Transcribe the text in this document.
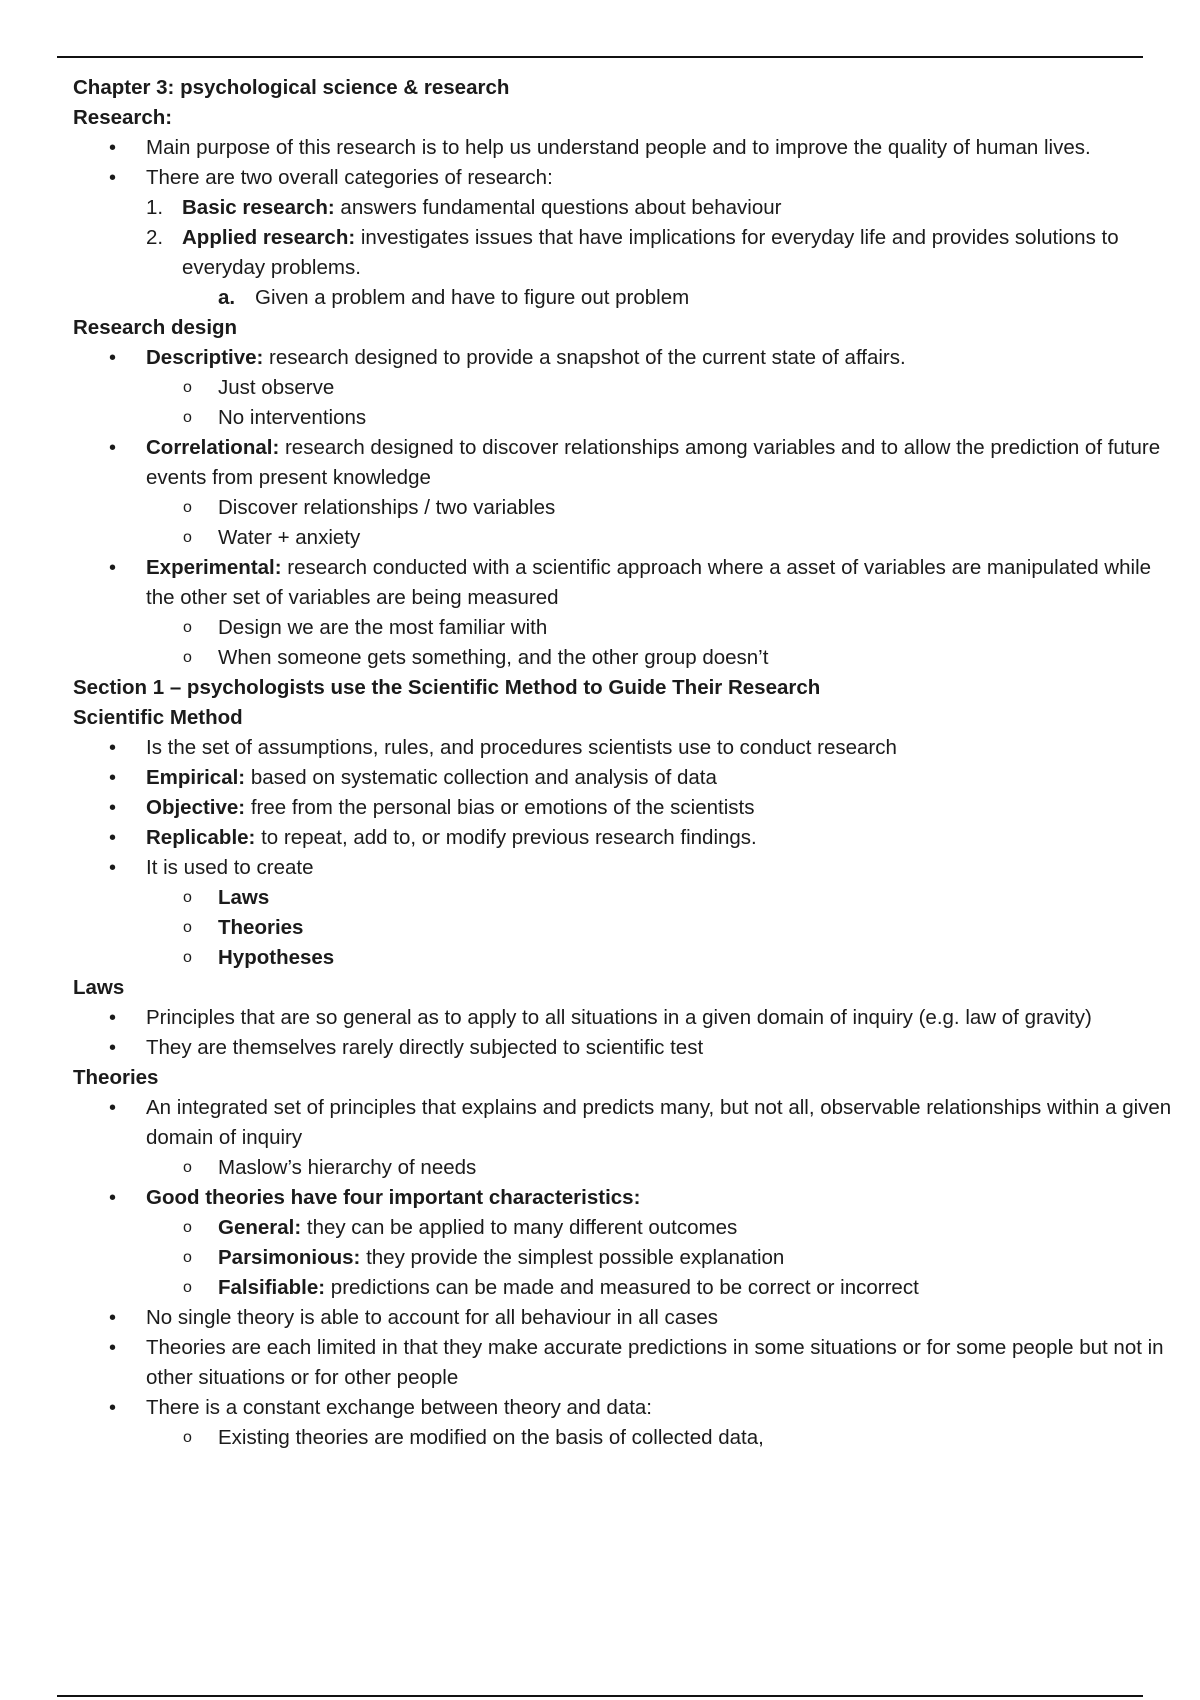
Chapter 3: psychological science & research
Research:
• Main purpose of this research is to help us understand people and to improve the quality of human lives.
• There are two overall categories of research:
1. Basic research: answers fundamental questions about behaviour
2. Applied research: investigates issues that have implications for everyday life and provides solutions to everyday problems.
a. Given a problem and have to figure out problem
Research design
• Descriptive: research designed to provide a snapshot of the current state of affairs.
o Just observe
o No interventions
• Correlational: research designed to discover relationships among variables and to allow the prediction of future events from present knowledge
o Discover relationships / two variables
o Water + anxiety
• Experimental: research conducted with a scientific approach where a asset of variables are manipulated while the other set of variables are being measured
o Design we are the most familiar with
o When someone gets something, and the other group doesn’t
Section 1 – psychologists use the Scientific Method to Guide Their Research
Scientific Method
• Is the set of assumptions, rules, and procedures scientists use to conduct research
• Empirical: based on systematic collection and analysis of data
• Objective: free from the personal bias or emotions of the scientists
• Replicable: to repeat, add to, or modify previous research findings.
• It is used to create
o Laws
o Theories
o Hypotheses
Laws
• Principles that are so general as to apply to all situations in a given domain of inquiry (e.g. law of gravity)
• They are themselves rarely directly subjected to scientific test
Theories
• An integrated set of principles that explains and predicts many, but not all, observable relationships within a given domain of inquiry
o Maslow’s hierarchy of needs
• Good theories have four important characteristics:
o General: they can be applied to many different outcomes
o Parsimonious: they provide the simplest possible explanation
o Falsifiable: predictions can be made and measured to be correct or incorrect
• No single theory is able to account for all behaviour in all cases
• Theories are each limited in that they make accurate predictions in some situations or for some people but not in other situations or for other people
• There is a constant exchange between theory and data:
o Existing theories are modified on the basis of collected data,
